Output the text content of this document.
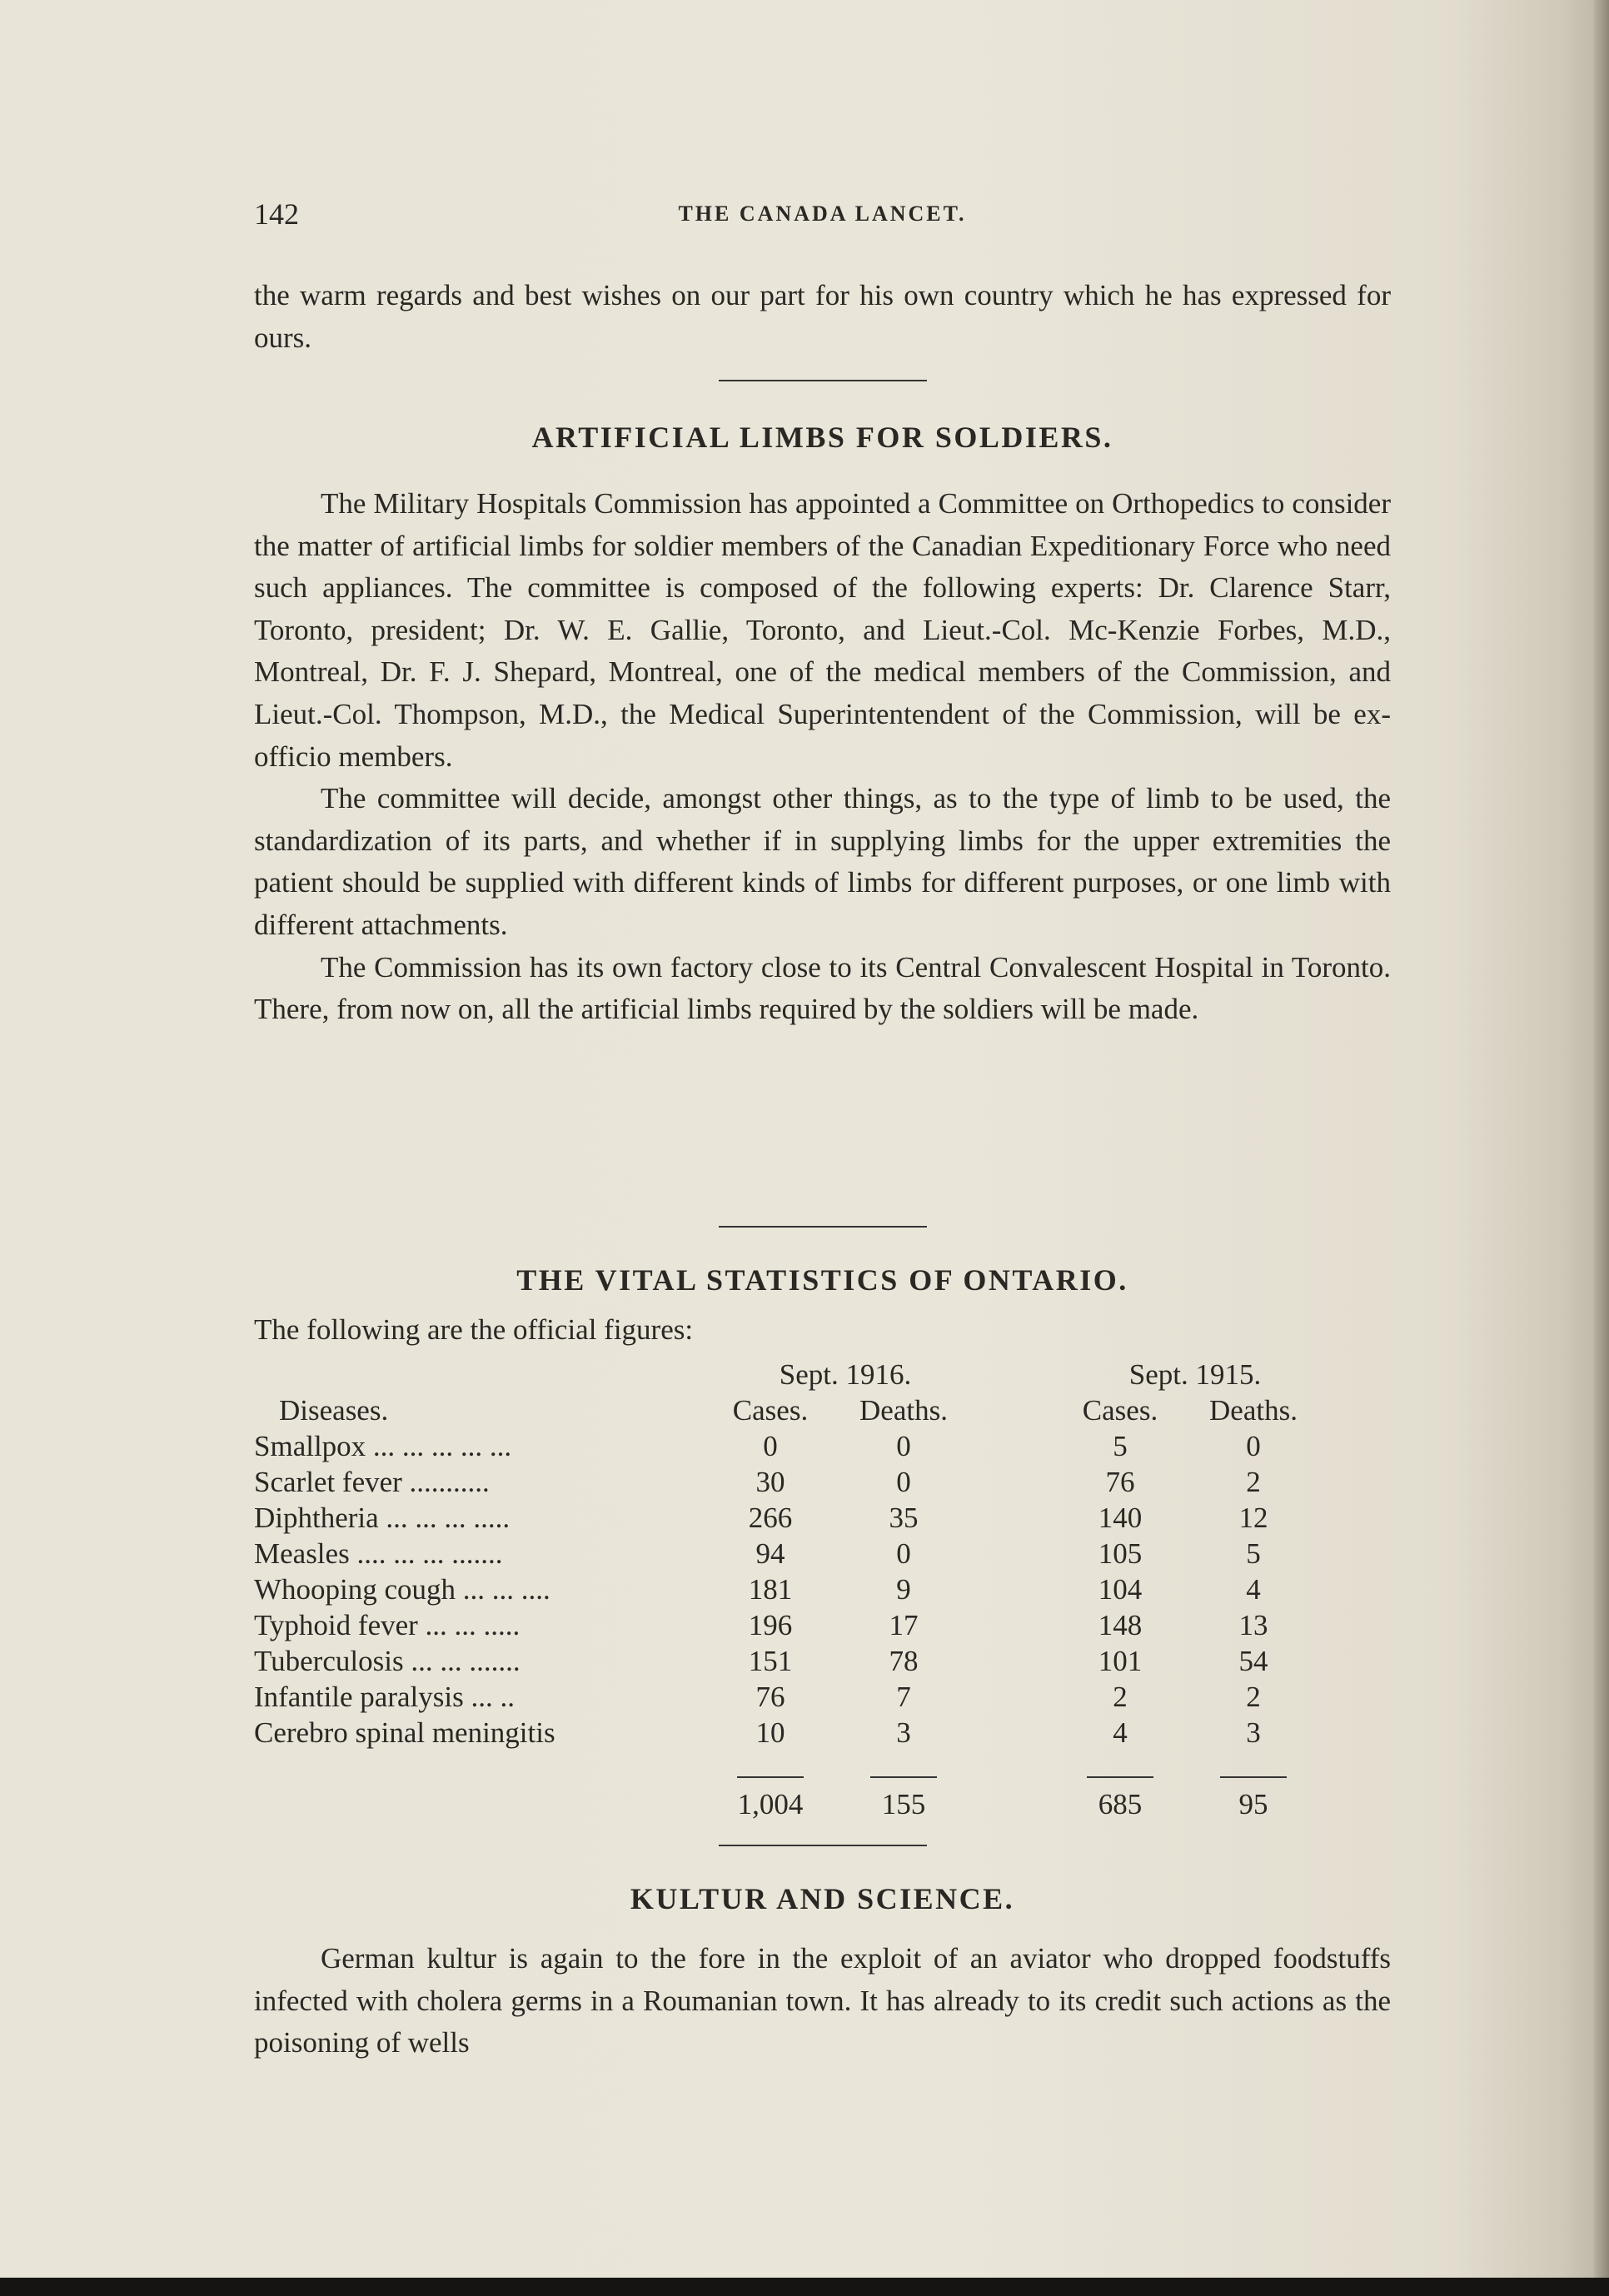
142	THE CANADA LANCET.

the warm regards and best wishes on our part for his own country which he has expressed for ours.

ARTIFICIAL LIMBS FOR SOLDIERS.

The Military Hospitals Commission has appointed a Committee on Orthopedics to consider the matter of artificial limbs for soldier members of the Canadian Expeditionary Force who need such appliances. The committee is composed of the following experts: Dr. Clarence Starr, Toronto, president; Dr. W. E. Gallie, Toronto, and Lieut.-Col. Mc-Kenzie Forbes, M.D., Montreal, Dr. F. J. Shepard, Montreal, one of the medical members of the Commission, and Lieut.-Col. Thompson, M.D., the Medical Superintentendent of the Commission, will be ex-officio members.

The committee will decide, amongst other things, as to the type of limb to be used, the standardization of its parts, and whether if in supplying limbs for the upper extremities the patient should be supplied with different kinds of limbs for different purposes, or one limb with different attachments.

The Commission has its own factory close to its Central Convalescent Hospital in Toronto. There, from now on, all the artificial limbs required by the soldiers will be made.

THE VITAL STATISTICS OF ONTARIO.

The following are the official figures:

	Sept. 1916.			Sept. 1915.	
Diseases.	Cases.	Deaths.		Cases.	Deaths.
Smallpox ... ... ... ... ...	0	0		5	0
Scarlet fever ...........	30	0		76	2
Diphtheria ... ... ... .....	266	35		140	12
Measles .... ... ... .......	94	0		105	5
Whooping cough ... ... ....	181	9		104	4
Typhoid fever ... ... .....	196	17		148	13
Tuberculosis ... ... .......	151	78		101	54
Infantile paralysis ... ..	76	7		2	2
Cerebro spinal meningitis	10	3		4	3

	1,004	155		685	95
KULTUR AND SCIENCE.

German kultur is again to the fore in the exploit of an aviator who dropped foodstuffs infected with cholera germs in a Roumanian town. It has already to its credit such actions as the poisoning of wells
